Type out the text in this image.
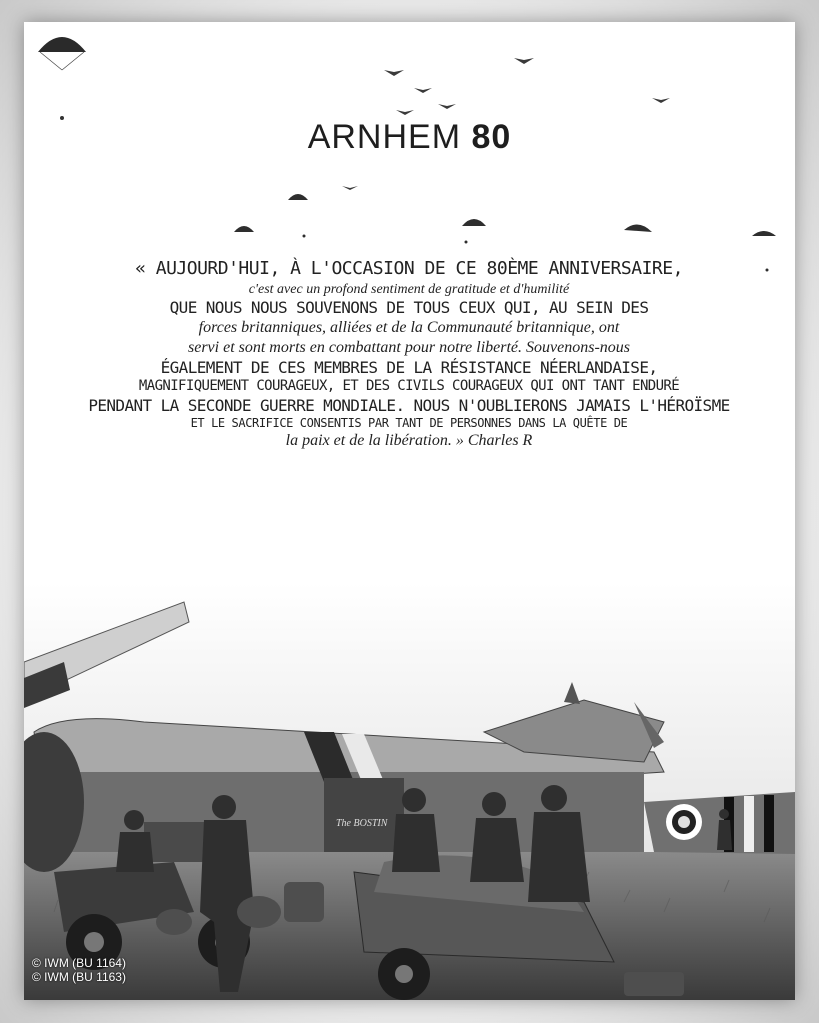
ARNHEM 80
« AUJOURD'HUI, À L'OCCASION DE CE 80ÈME ANNIVERSAIRE,
c'est avec un profond sentiment de gratitude et d'humilité
QUE NOUS NOUS SOUVENONS DE TOUS CEUX QUI, AU SEIN DES
forces britanniques, alliées et de la Communauté britannique, ont
servi et sont morts en combattant pour notre liberté. Souvenons-nous
ÉGALEMENT DE CES MEMBRES DE LA RÉSISTANCE NÉERLANDAISE,
MAGNIFIQUEMENT COURAGEUX, ET DES CIVILS COURAGEUX QUI ONT TANT ENDURÉ
PENDANT LA SECONDE GUERRE MONDIALE. NOUS N'OUBLIERONS JAMAIS L'HÉROÏSME
ET LE SACRIFICE CONSENTIS PAR TANT DE PERSONNES DANS LA QUÊTE DE
la paix et de la libération. » Charles R
The BOSTIN
© IWM (BU 1164)
© IWM (BU 1163)
